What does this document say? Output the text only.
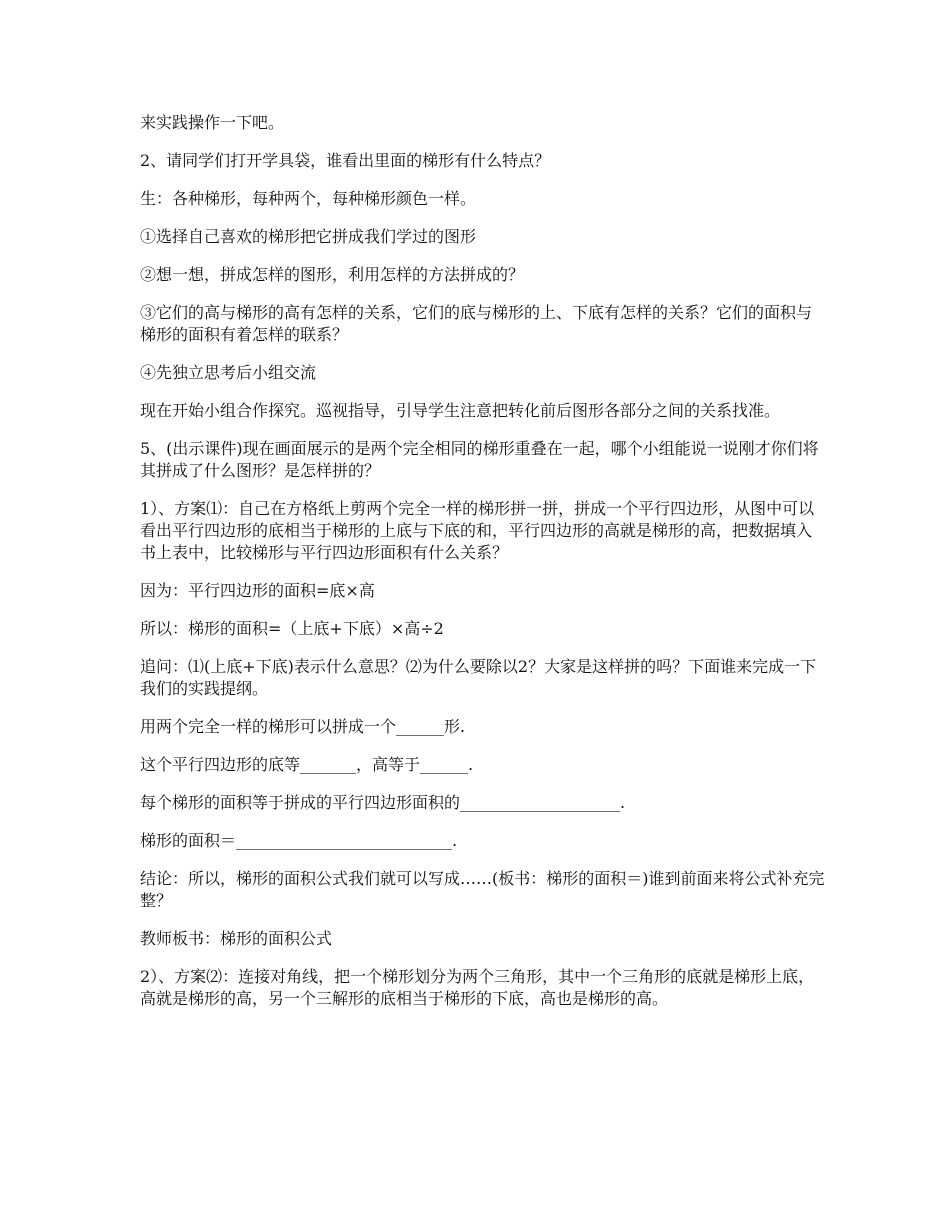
来实践操作一下吧。

2、请同学们打开学具袋，谁看出里面的梯形有什么特点？

生：各种梯形，每种两个，每种梯形颜色一样。

①选择自己喜欢的梯形把它拼成我们学过的图形

②想一想，拼成怎样的图形，利用怎样的方法拼成的？

③它们的高与梯形的高有怎样的关系，它们的底与梯形的上、下底有怎样的关系？它们的面积与梯形的面积有着怎样的联系？

④先独立思考后小组交流

现在开始小组合作探究。巡视指导，引导学生注意把转化前后图形各部分之间的关系找准。

5、(出示课件)现在画面展示的是两个完全相同的梯形重叠在一起，哪个小组能说一说刚才你们将其拼成了什么图形？是怎样拼的？

1）、方案⑴：自己在方格纸上剪两个完全一样的梯形拼一拼，拼成一个平行四边形，从图中可以看出平行四边形的底相当于梯形的上底与下底的和，平行四边形的高就是梯形的高，把数据填入书上表中，比较梯形与平行四边形面积有什么关系？

因为：平行四边形的面积=底×高

所以：梯形的面积=（上底+下底）×高÷2

追问：⑴(上底+下底)表示什么意思？⑵为什么要除以2？大家是这样拼的吗？下面谁来完成一下我们的实践提纲。

用两个完全一样的梯形可以拼成一个______形.

这个平行四边形的底等_______，高等于______.

每个梯形的面积等于拼成的平行四边形面积的____________________.

梯形的面积＝___________________________.

结论：所以，梯形的面积公式我们就可以写成……(板书：梯形的面积＝)谁到前面来将公式补充完整？

教师板书：梯形的面积公式

2）、方案⑵：连接对角线，把一个梯形划分为两个三角形，其中一个三角形的底就是梯形上底，高就是梯形的高，另一个三解形的底相当于梯形的下底，高也是梯形的高。
